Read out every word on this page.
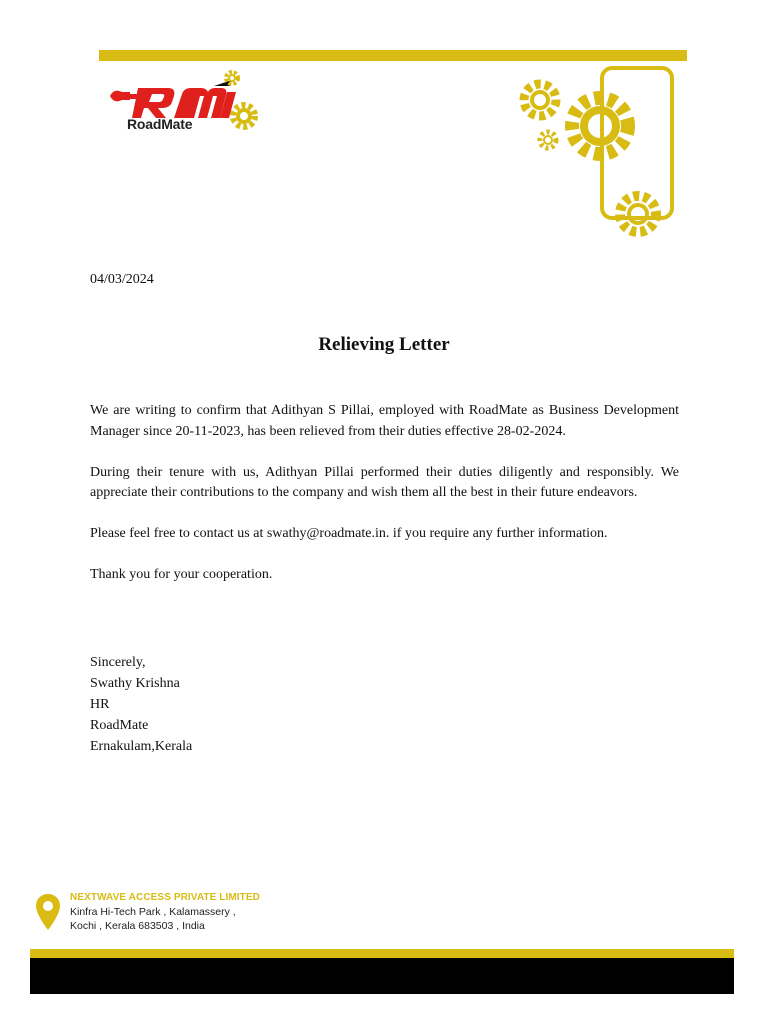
RoadMate
04/03/2024
Relieving Letter

We are writing to confirm that Adithyan S Pillai, employed with RoadMate as Business Development Manager since 20-11-2023, has been relieved from their duties effective 28-02-2024.

During their tenure with us, Adithyan Pillai performed their duties diligently and responsibly. We appreciate their contributions to the company and wish them all the best in their future endeavors.

Please feel free to contact us at swathy@roadmate.in. if you require any further information.

Thank you for your cooperation.

Sincerely,
Swathy Krishna
HR
RoadMate
Ernakulam,Kerala
NEXTWAVE ACCESS PRIVATE LIMITED
Kinfra Hi-Tech Park , Kalamassery ,
Kochi , Kerala 683503 , India
